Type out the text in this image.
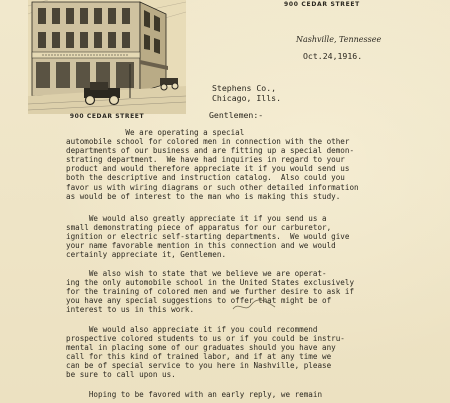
900 CEDAR STREET
900 CEDAR STREET
Nashville, Tennessee
Oct.24,1916.
Stephens Co.,
Chicago, Ills.
Gentlemen:-
We are operating a special
automobile school for colored men in connection with the other
departments of our business and are fitting up a special demon-
strating department.  We have had inquiries in regard to your
product and would therefore appreciate it if you would send us
both the descriptive and instruction catalog.  Also could you
favor us with wiring diagrams or such other detailed information
as would be of interest to the man who is making this study.
We would also greatly appreciate it if you send us a
small demonstrating piece of apparatus for our carburetor,
ignition or electric self-starting departments.  We would give
your name favorable mention in this connection and we would
certainly appreciate it, Gentlemen.
We also wish to state that we believe we are operat-
ing the only automobile school in the United States exclusively
for the training of colored men and we further desire to ask if
you have any special suggestions to offer that might be of
interest to us in this work.
We would also appreciate it if you could recommend
prospective colored students to us or if you could be instru-
mental in placing some of our graduates should you have any
call for this kind of trained labor, and if at any time we
can be of special service to you here in Nashville, please
be sure to call upon us.
Hoping to be favored with an early reply, we remain
